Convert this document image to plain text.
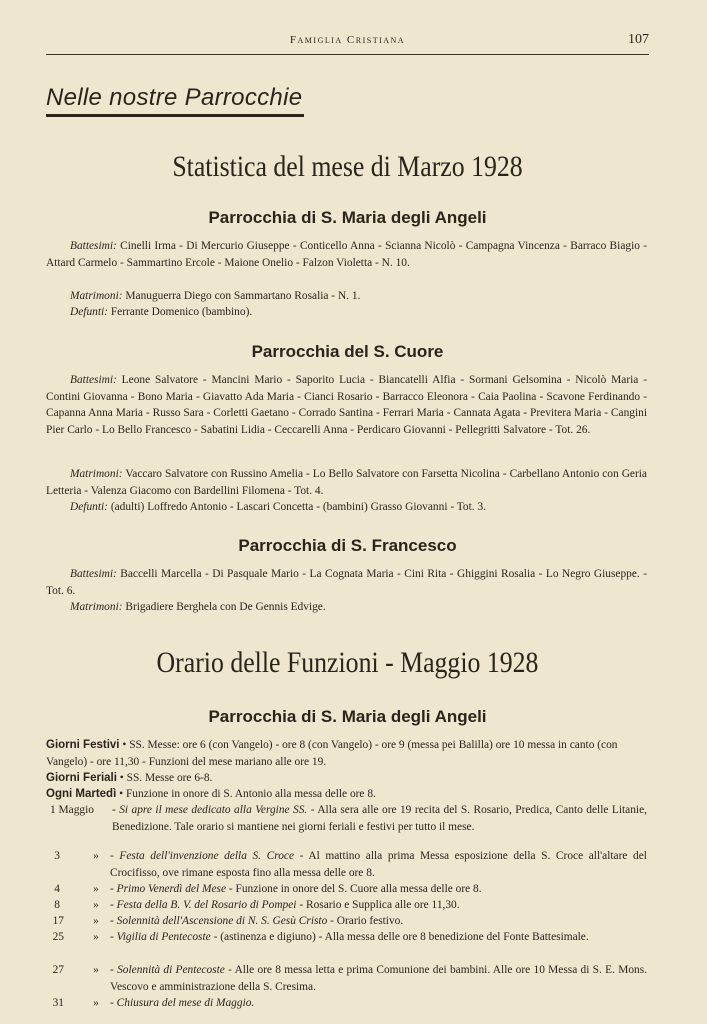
Famiglia Cristiana	107
Nelle nostre Parrocchie
Statistica del mese di Marzo 1928
Parrocchia di S. Maria degli Angeli
Battesimi: Cinelli Irma - Di Mercurio Giuseppe - Conticello Anna - Scianna Nicolò - Campagna Vincenza - Barraco Biagio - Attard Carmelo - Sammartino Ercole - Maione Onelio - Falzon Violetta - N. 10.
Matrimoni: Manuguerra Diego con Sammartano Rosalia - N. 1.
Defunti: Ferrante Domenico (bambino).
Parrocchia del S. Cuore
Battesimi: Leone Salvatore - Mancini Mario - Saporito Lucia - Biancatelli Alfia - Sormani Gelsomina - Nicolò Maria - Contini Giovanna - Bono Maria - Giavatto Ada Maria - Cianci Rosario - Barracco Eleonora - Caia Paolina - Scavone Ferdinando - Capanna Anna Maria - Russo Sara - Corletti Gaetano - Corrado Santina - Ferrari Maria - Cannata Agata - Previtera Maria - Cangini Pier Carlo - Lo Bello Francesco - Sabatini Lidia - Ceccarelli Anna - Perdicaro Giovanni - Pellegritti Salvatore - Tot. 26.
Matrimoni: Vaccaro Salvatore con Russino Amelia - Lo Bello Salvatore con Farsetta Nicolina - Carbellano Antonio con Geria Letteria - Valenza Giacomo con Bardellini Filomena - Tot. 4.
Defunti: (adulti) Loffredo Antonio - Lascari Concetta - (bambini) Grasso Giovanni - Tot. 3.
Parrocchia di S. Francesco
Battesimi: Baccelli Marcella - Di Pasquale Mario - La Cognata Maria - Cini Rita - Ghiggini Rosalia - Lo Negro Giuseppe. - Tot. 6.
Matrimoni: Brigadiere Berghela con De Gennis Edvige.
Orario delle Funzioni - Maggio 1928
Parrocchia di S. Maria degli Angeli
Giorni Festivi • SS. Messe: ore 6 (con Vangelo) - ore 8 (con Vangelo) - ore 9 (messa pei Balilla) ore 10 messa in canto (con Vangelo) - ore 11,30 - Funzioni del mese mariano alle ore 19.
Giorni Feriali • SS. Messe ore 6-8.
Ogni Martedì • Funzione in onore di S. Antonio alla messa delle ore 8.
1 Maggio	- Si apre il mese dedicato alla Vergine SS. - Alla sera alle ore 19 recita del S. Rosario, Predica, Canto delle Litanie, Benedizione. Tale orario si mantiene nei giorni feriali e festivi per tutto il mese.
3	» - Festa dell'invenzione della S. Croce - Al mattino alla prima Messa esposizione della S. Croce all'altare del Crocifisso, ove rimane esposta fino alla messa delle ore 8.
4	» - Primo Venerdì del Mese - Funzione in onore del S. Cuore alla messa delle ore 8.
8	» - Festa della B. V. del Rosario di Pompei - Rosario e Supplica alle ore 11,30.
17	» - Solennità dell'Ascensione di N. S. Gesù Cristo - Orario festivo.
25	» - Vigilia di Pentecoste - (astinenza e digiuno) - Alla messa delle ore 8 benedizione del Fonte Battesimale.
27	» - Solennità di Pentecoste - Alle ore 8 messa letta e prima Comunione dei bambini. Alle ore 10 Messa di S. E. Mons. Vescovo e amministrazione della S. Cresima.
31	» - Chiusura del mese di Maggio.
